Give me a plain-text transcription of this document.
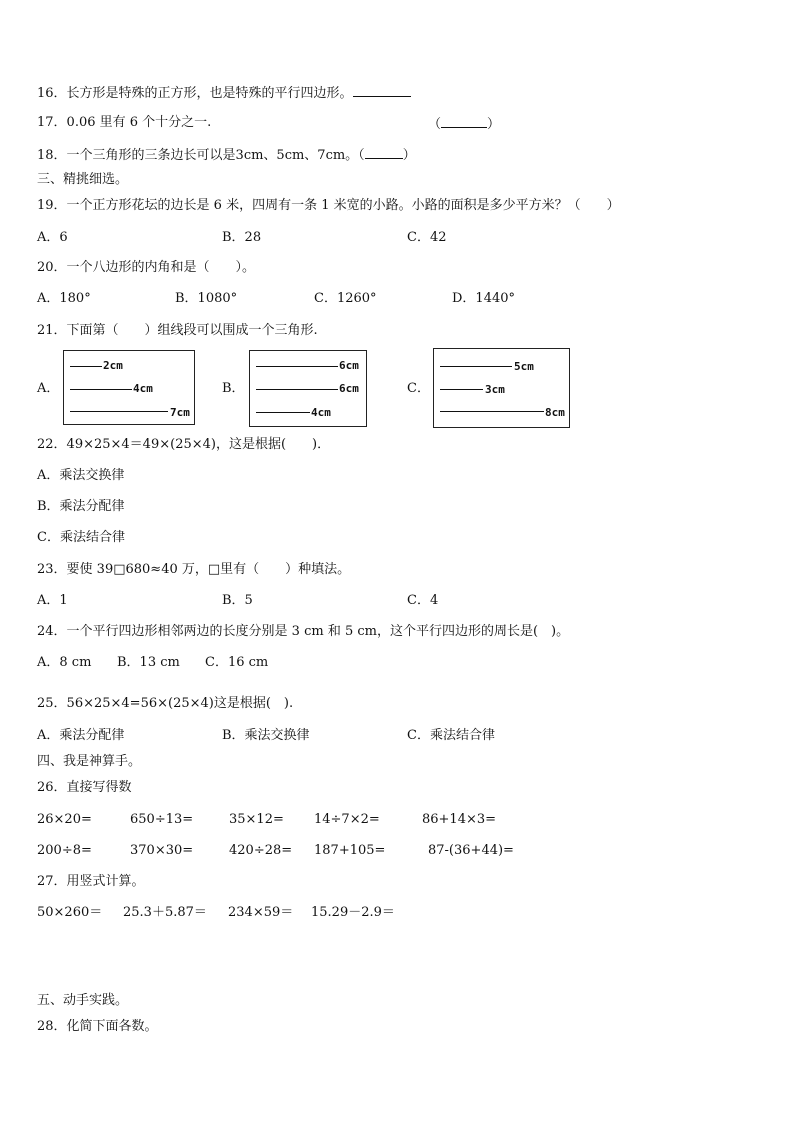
16．长方形是特殊的正方形，也是特殊的平行四边形。
17．0.06 里有 6 个十分之一.	（	）
18．一个三角形的三条边长可以是3cm、5cm、7cm。（	）
三、精挑细选。
19．一个正方形花坛的边长是 6 米，四周有一条 1 米宽的小路。小路的面积是多少平方米？（　　）
A．6	B．28	C．42
20．一个八边形的内角和是（　　）。
A．180°	B．1080°	C．1260°	D．1440°
21．下面第（　　）组线段可以围成一个三角形.
A．
2cm
4cm
7cm
B．
6cm
6cm
4cm
C．
5cm
3cm
8cm
22．49×25×4＝49×(25×4)，这是根据(　　)．
A．乘法交换律
B．乘法分配律
C．乘法结合律
23．要使 39□680≈40 万，□里有（　　）种填法。
A．1	B．5	C．4
24．一个平行四边形相邻两边的长度分别是 3 cm 和 5 cm，这个平行四边形的周长是(　)。
A．8 cm B．13 cm C．16 cm
25．56×25×4=56×(25×4)这是根据(　).
A．乘法分配律	B．乘法交换律	C．乘法结合律
四、我是神算手。
26．直接写得数
26×20=	650÷13=	35×12= 14÷7×2=	86+14×3=
200÷8=	370×30=	420÷28= 187+105=	87-(36+44)=
27．用竖式计算。
50×260＝ 25.3＋5.87＝ 234×59＝ 15.29－2.9＝
五、动手实践。
28．化简下面各数。
